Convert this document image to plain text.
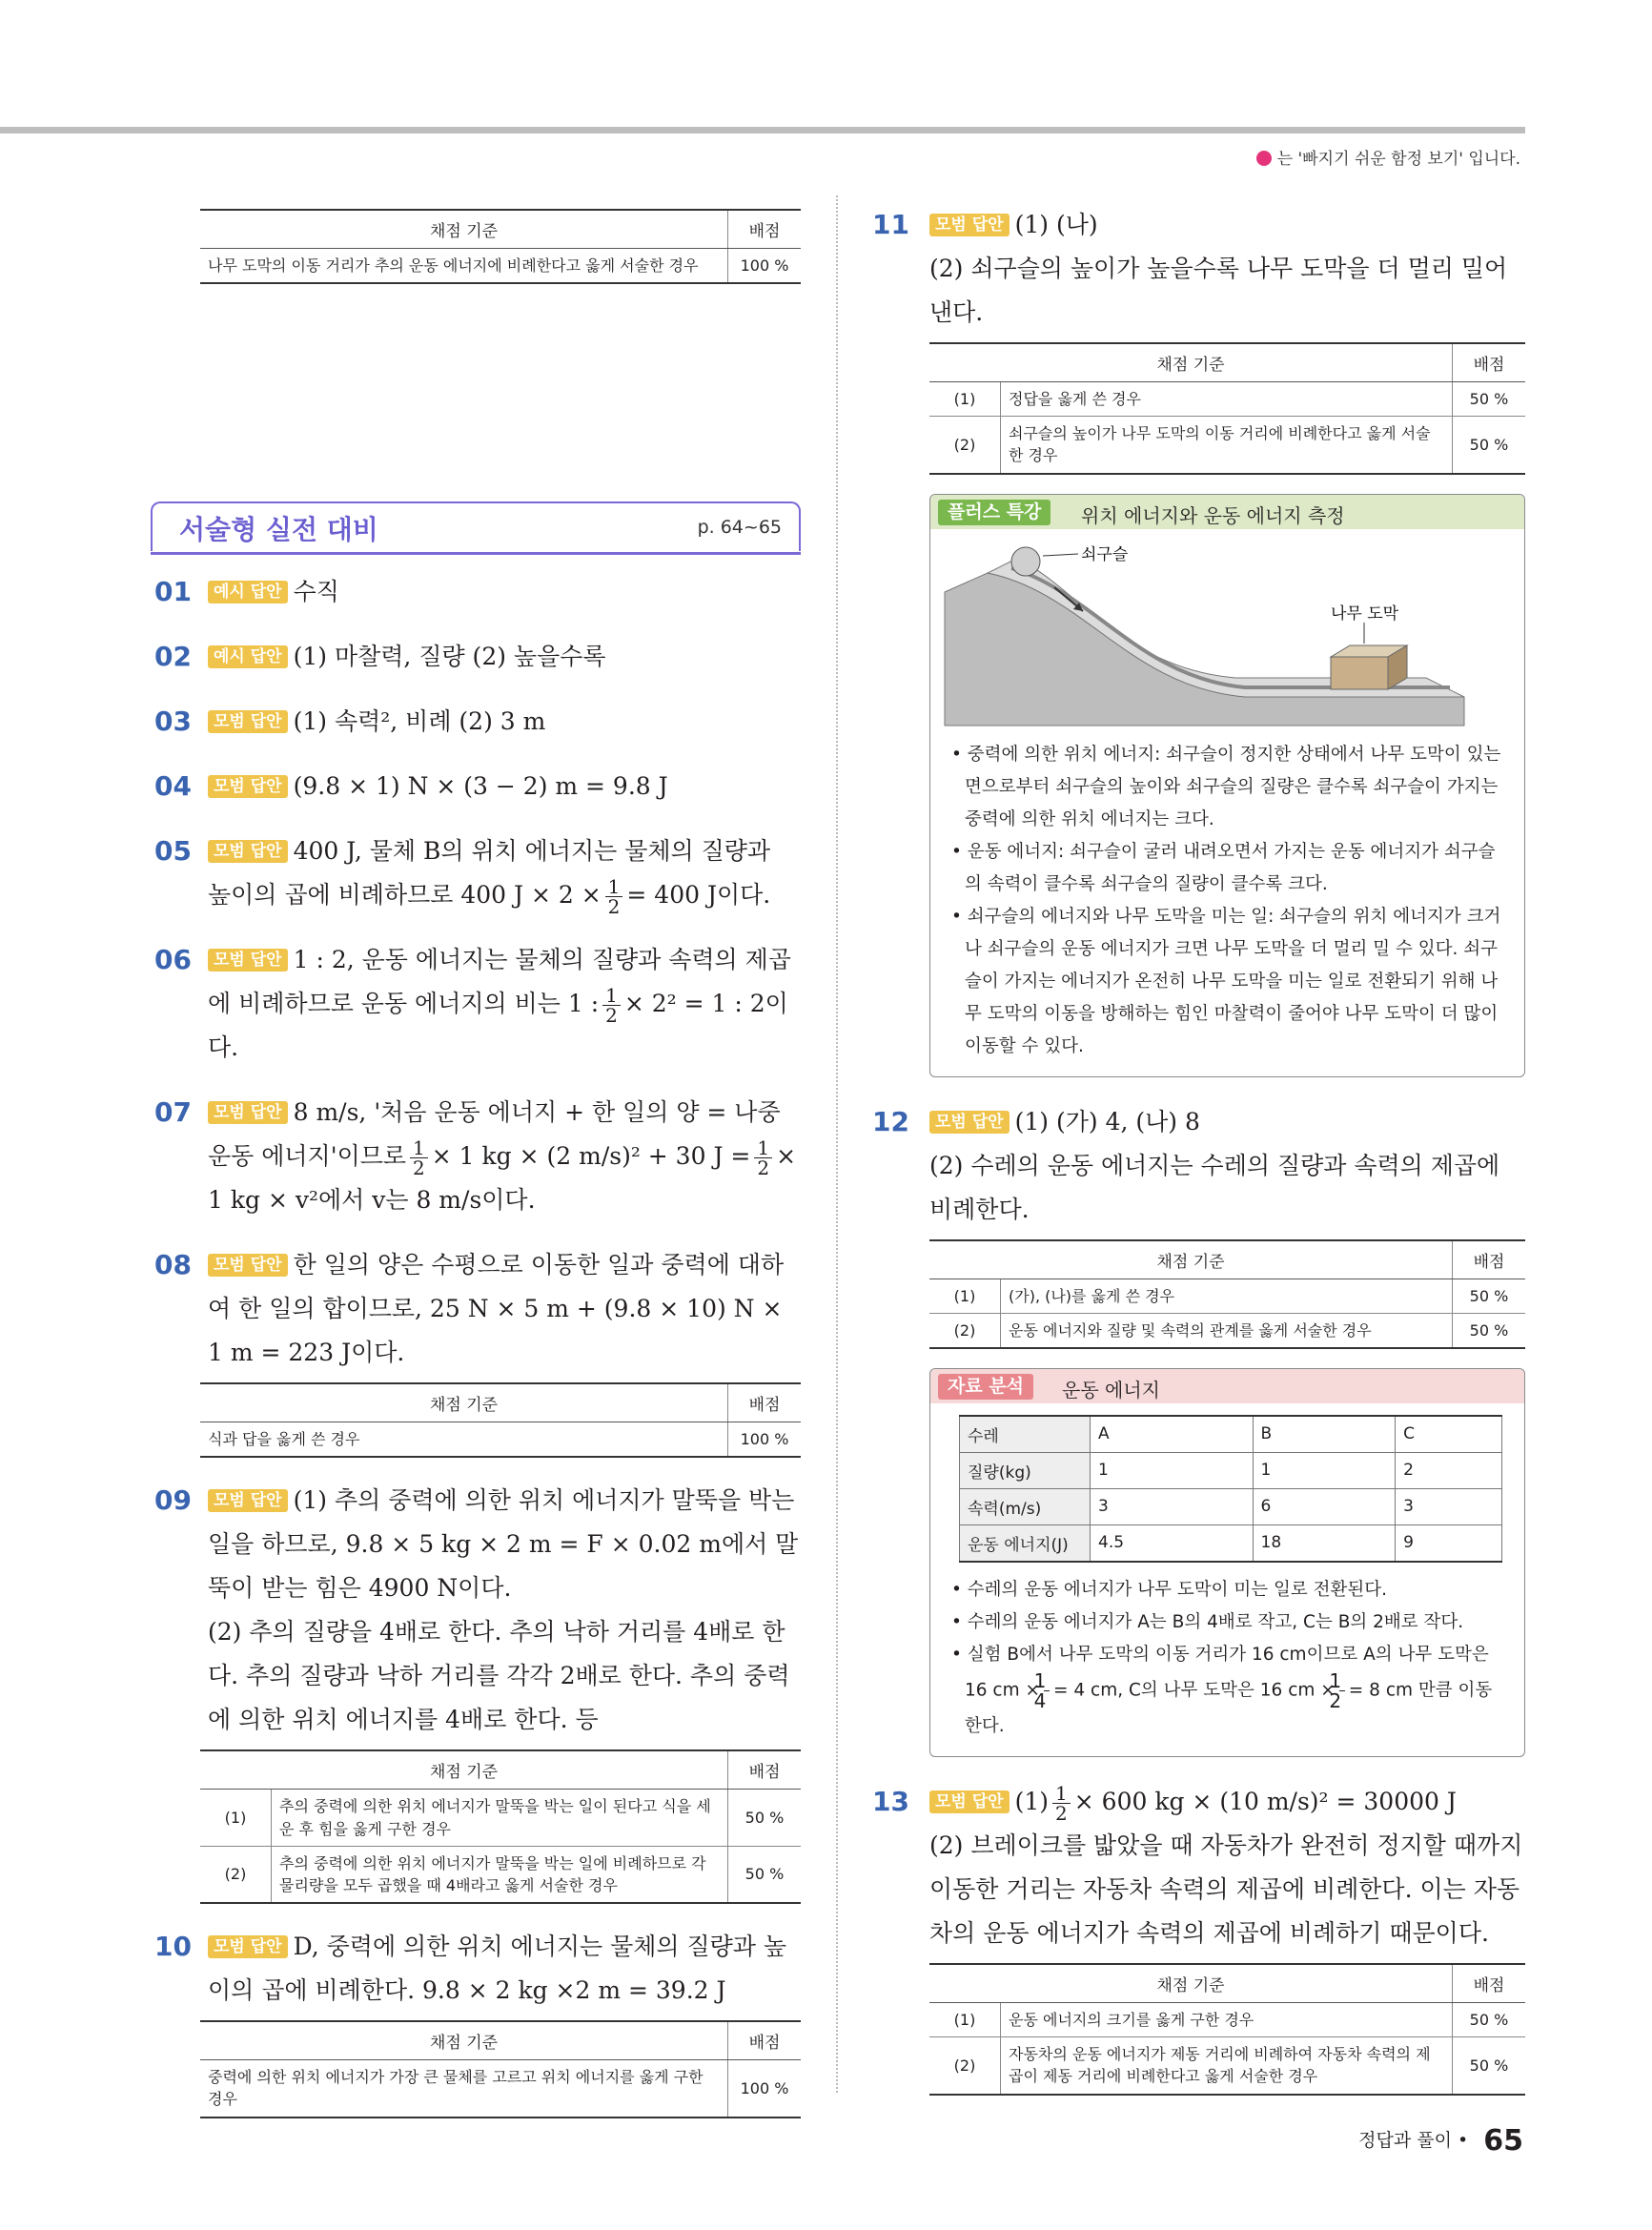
는 '빠지기 쉬운 함정 보기' 입니다.
채점 기준	배점
나무 도막의 이동 거리가 추의 운동 에너지에 비례한다고 옳게 서술한 경우	100 %
서술형 실전 대비	p. 64~65
01 예시 답안 수직
02 예시 답안 (1) 마찰력, 질량 (2) 높을수록
03 모범 답안 (1) 속력², 비례 (2) 3 m
04 모범 답안 (9.8 × 1) N × (3 − 2) m = 9.8 J
05 모범 답안 400 J, 물체 B의 위치 에너지는 물체의 질량과 높이의 곱에 비례하므로 400 $J \times 2 \times \frac{1}{2} = 400$ J이다.
06 모범 답안 1 : 2, 운동 에너지는 물체의 질량과 속력의 제곱에 비례하므로 운동 에너지의 비는 1 : $\frac{1}{2} \times 2^2 = 1$ : 2이다.
07 모범 답안 8 m/s, '처음 운동 에너지 + 한 일의 양 = 나중 운동 에너지'이므로 $\frac{1}{2} \times 1$ kg × (2 m/s)² + 30 $J = \frac{1}{2} \times 1$ kg × v²에서 v는 8 m/s이다.
08 모범 답안 한 일의 양은 수평으로 이동한 일과 중력에 대하여 한 일의 합이므로, 25 N × 5 m + (9.8 × 10) N × 1 m = 223 J이다.
채점 기준	배점
식과 답을 옳게 쓴 경우	100 %
09 모범 답안 (1) 추의 중력에 의한 위치 에너지가 말뚝을 박는 일을 하므로, 9.8 × 5 kg × 2 m = F × 0.02 m에서 말뚝이 받는 힘은 4900 N이다.
(2) 추의 질량을 4배로 한다. 추의 낙하 거리를 4배로 한다. 추의 질량과 낙하 거리를 각각 2배로 한다. 추의 중력에 의한 위치 에너지를 4배로 한다. 등
채점 기준		배점
(1)	추의 중력에 의한 위치 에너지가 말뚝을 박는 일이 된다고 식을 세운 후 힘을 옳게 구한 경우	50 %
(2)	추의 중력에 의한 위치 에너지가 말뚝을 박는 일에 비례하므로 각 물리량을 모두 곱했을 때 4배라고 옳게 서술한 경우	50 %
10 모범 답안 D, 중력에 의한 위치 에너지는 물체의 질량과 높이의 곱에 비례한다. 9.8 × 2 kg ×2 m = 39.2 J
채점 기준	배점
중력에 의한 위치 에너지가 가장 큰 물체를 고르고 위치 에너지를 옳게 구한 경우	100 %
11 모범 답안 (1) (나)
(2) 쇠구슬의 높이가 높을수록 나무 도막을 더 멀리 밀어낸다.
채점 기준		배점
(1)	정답을 옳게 쓴 경우	50 %
(2)	쇠구슬의 높이가 나무 도막의 이동 거리에 비례한다고 옳게 서술한 경우	50 %
플러스 특강	위치 에너지와 운동 에너지 측정
쇠구슬
나무 도막
• 중력에 의한 위치 에너지: 쇠구슬이 정지한 상태에서 나무 도막이 있는 면으로부터 쇠구슬의 높이와 쇠구슬의 질량은 클수록 쇠구슬이 가지는 중력에 의한 위치 에너지는 크다.
• 운동 에너지: 쇠구슬이 굴러 내려오면서 가지는 운동 에너지가 쇠구슬의 속력이 클수록 쇠구슬의 질량이 클수록 크다.
• 쇠구슬의 에너지와 나무 도막을 미는 일: 쇠구슬의 위치 에너지가 크거나 쇠구슬의 운동 에너지가 크면 나무 도막을 더 멀리 밀 수 있다. 쇠구슬이 가지는 에너지가 온전히 나무 도막을 미는 일로 전환되기 위해 나무 도막의 이동을 방해하는 힘인 마찰력이 줄어야 나무 도막이 더 많이 이동할 수 있다.
12 모범 답안 (1) (가) 4, (나) 8
(2) 수레의 운동 에너지는 수레의 질량과 속력의 제곱에 비례한다.
채점 기준		배점
(1)	(가), (나)를 옳게 쓴 경우	50 %
(2)	운동 에너지와 질량 및 속력의 관계를 옳게 서술한 경우	50 %
자료 분석	운동 에너지
수레	A	B	C
질량(kg)	1	1	2
속력(m/s)	3	6	3
운동 에너지(J)	4.5	18	9
• 수레의 운동 에너지가 나무 도막이 미는 일로 전환된다.
• 수레의 운동 에너지가 A는 B의 4배로 작고, C는 B의 2배로 작다.
• 실험 B에서 나무 도막의 이동 거리가 16 cm이므로 A의 나무 도막은 16 cm × $\frac{1}{4} = 4$ cm, C의 나무 도막은 16 cm × $\frac{1}{2} = 8$ cm 만큼 이동한다.
13 모범 답안 $(1) \frac{1}{2} \times 600$ kg × (10 m/s)² = 30000 J
(2) 브레이크를 밟았을 때 자동차가 완전히 정지할 때까지 이동한 거리는 자동차 속력의 제곱에 비례한다. 이는 자동차의 운동 에너지가 속력의 제곱에 비례하기 때문이다.
채점 기준		배점
(1)	운동 에너지의 크기를 옳게 구한 경우	50 %
(2)	자동차의 운동 에너지가 제동 거리에 비례하여 자동차 속력의 제곱이 제동 거리에 비례한다고 옳게 서술한 경우	50 %
정답과 풀이 • 65
